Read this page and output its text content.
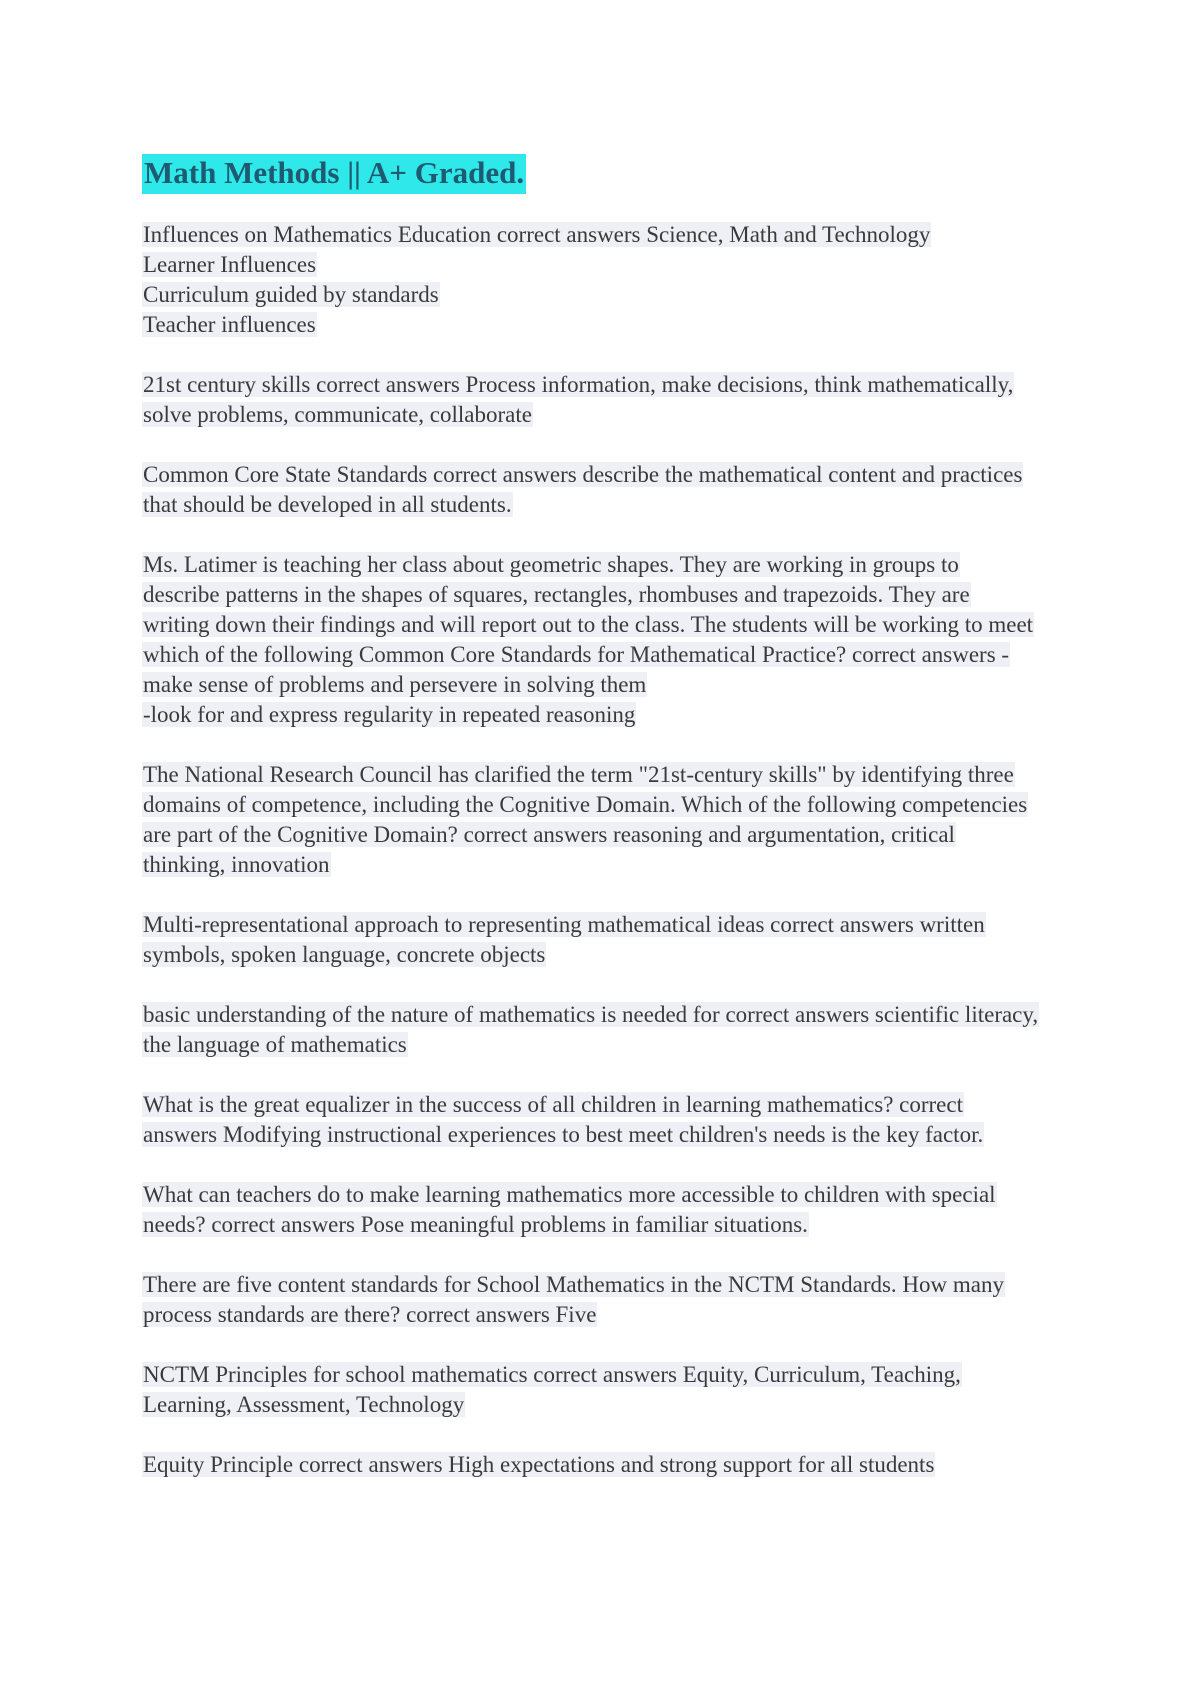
Math Methods || A+ Graded.
Influences on Mathematics Education correct answers Science, Math and Technology
Learner Influences
Curriculum guided by standards
Teacher influences
21st century skills correct answers Process information, make decisions, think mathematically,
solve problems, communicate, collaborate
Common Core State Standards correct answers describe the mathematical content and practices
that should be developed in all students.
Ms. Latimer is teaching her class about geometric shapes. They are working in groups to
describe patterns in the shapes of squares, rectangles, rhombuses and trapezoids. They are
writing down their findings and will report out to the class. The students will be working to meet
which of the following Common Core Standards for Mathematical Practice? correct answers -
make sense of problems and persevere in solving them
-look for and express regularity in repeated reasoning
The National Research Council has clarified the term "21st-century skills" by identifying three
domains of competence, including the Cognitive Domain. Which of the following competencies
are part of the Cognitive Domain? correct answers reasoning and argumentation, critical
thinking, innovation
Multi-representational approach to representing mathematical ideas correct answers written
symbols, spoken language, concrete objects
basic understanding of the nature of mathematics is needed for correct answers scientific literacy,
the language of mathematics
What is the great equalizer in the success of all children in learning mathematics? correct
answers Modifying instructional experiences to best meet children's needs is the key factor.
What can teachers do to make learning mathematics more accessible to children with special
needs? correct answers Pose meaningful problems in familiar situations.
There are five content standards for School Mathematics in the NCTM Standards. How many
process standards are there? correct answers Five
NCTM Principles for school mathematics correct answers Equity, Curriculum, Teaching,
Learning, Assessment, Technology
Equity Principle correct answers High expectations and strong support for all students
